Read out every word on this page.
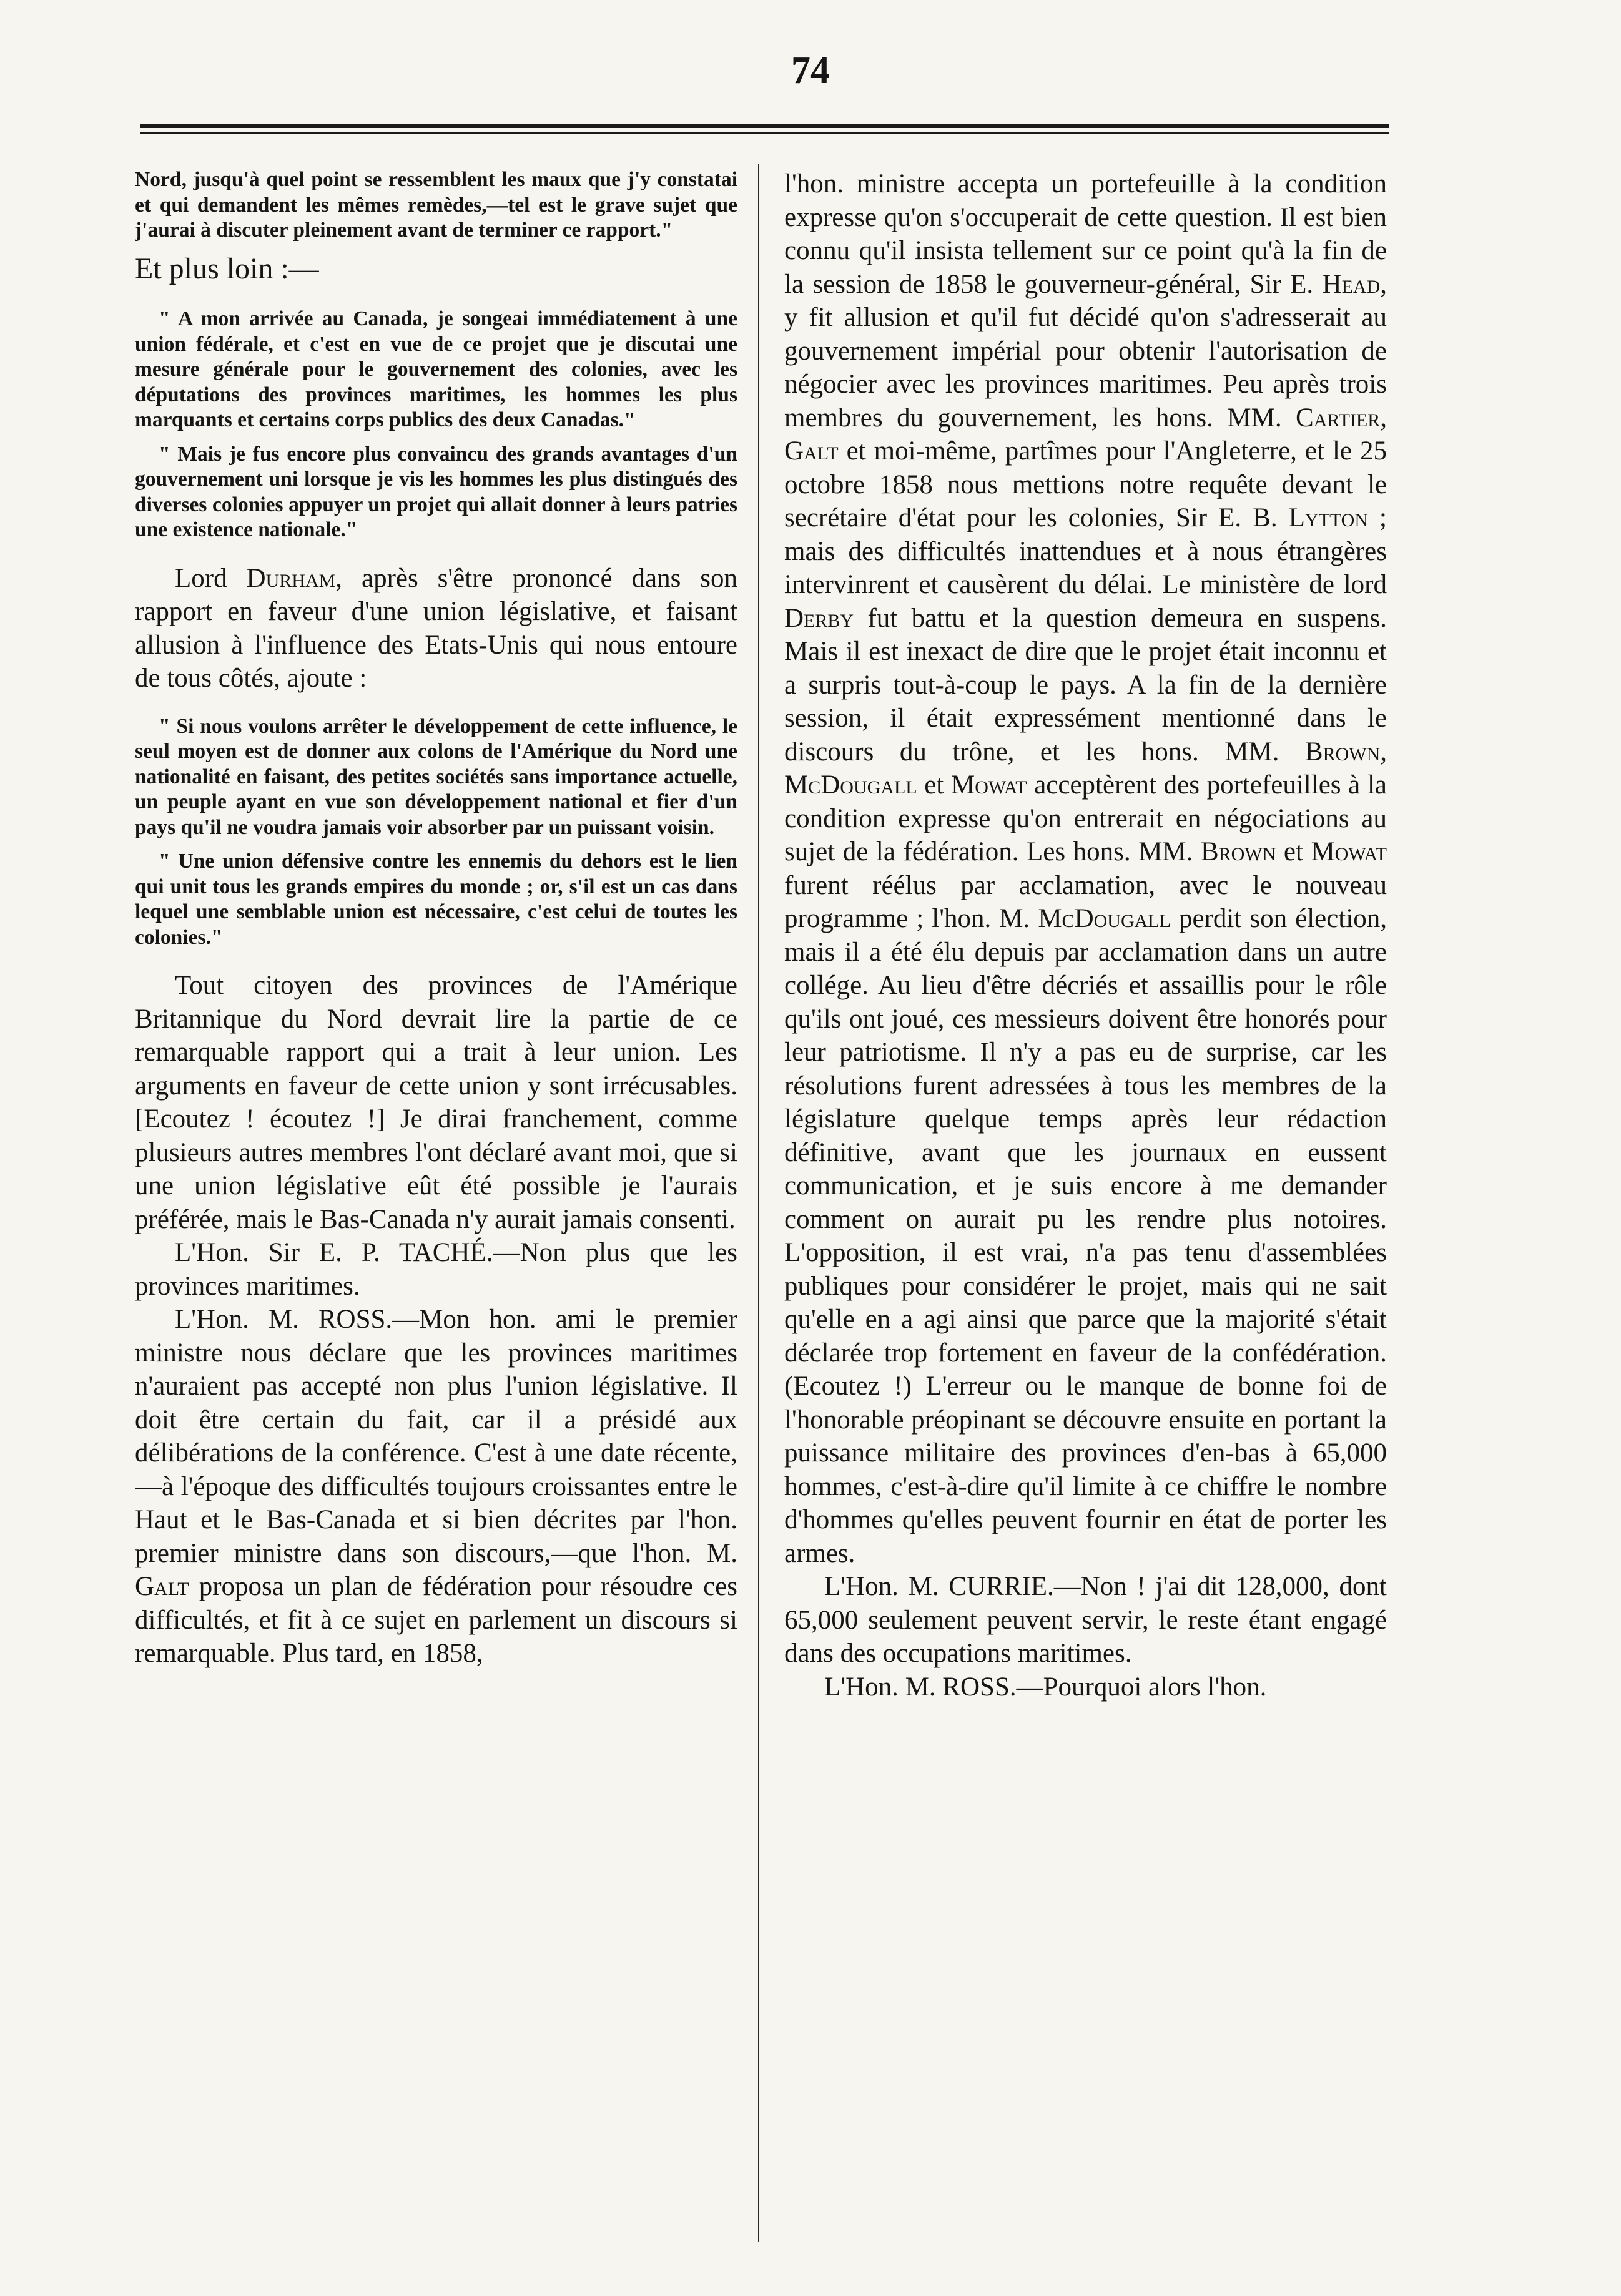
74

Nord, jusqu'à quel point se ressemblent les maux que j'y constatai et qui demandent les mêmes remèdes,—tel est le grave sujet que j'aurai à discuter pleinement avant de terminer ce rapport."

Et plus loin :—

" A mon arrivée au Canada, je songeai immédiatement à une union fédérale, et c'est en vue de ce projet que je discutai une mesure générale pour le gouvernement des colonies, avec les députations des provinces maritimes, les hommes les plus marquants et certains corps publics des deux Canadas."

" Mais je fus encore plus convaincu des grands avantages d'un gouvernement uni lorsque je vis les hommes les plus distingués des diverses colonies appuyer un projet qui allait donner à leurs patries une existence nationale."

Lord Durham, après s'être prononcé dans son rapport en faveur d'une union législative, et faisant allusion à l'influence des Etats-Unis qui nous entoure de tous côtés, ajoute :

" Si nous voulons arrêter le développement de cette influence, le seul moyen est de donner aux colons de l'Amérique du Nord une nationalité en faisant, des petites sociétés sans importance actuelle, un peuple ayant en vue son développement national et fier d'un pays qu'il ne voudra jamais voir absorber par un puissant voisin.

" Une union défensive contre les ennemis du dehors est le lien qui unit tous les grands empires du monde ; or, s'il est un cas dans lequel une semblable union est nécessaire, c'est celui de toutes les colonies."

Tout citoyen des provinces de l'Amérique Britannique du Nord devrait lire la partie de ce remarquable rapport qui a trait à leur union. Les arguments en faveur de cette union y sont irrécusables. [Ecoutez ! écoutez !] Je dirai franchement, comme plusieurs autres membres l'ont déclaré avant moi, que si une union législative eût été possible je l'aurais préférée, mais le Bas-Canada n'y aurait jamais consenti.

L'Hon. Sir E. P. TACHÉ.—Non plus que les provinces maritimes.

L'Hon. M. ROSS.—Mon hon. ami le premier ministre nous déclare que les provinces maritimes n'auraient pas accepté non plus l'union législative. Il doit être certain du fait, car il a présidé aux délibérations de la conférence. C'est à une date récente,—à l'époque des difficultés toujours croissantes entre le Haut et le Bas-Canada et si bien décrites par l'hon. premier ministre dans son discours,—que l'hon. M. Galt proposa un plan de fédération pour résoudre ces difficultés, et fit à ce sujet en parlement un discours si remarquable. Plus tard, en 1858,

l'hon. ministre accepta un portefeuille à la condition expresse qu'on s'occuperait de cette question. Il est bien connu qu'il insista tellement sur ce point qu'à la fin de la session de 1858 le gouverneur-général, Sir E. Head, y fit allusion et qu'il fut décidé qu'on s'adresserait au gouvernement impérial pour obtenir l'autorisation de négocier avec les provinces maritimes. Peu après trois membres du gouvernement, les hons. MM. Cartier, Galt et moi-même, partîmes pour l'Angleterre, et le 25 octobre 1858 nous mettions notre requête devant le secrétaire d'état pour les colonies, Sir E. B. Lytton ; mais des difficultés inattendues et à nous étrangères intervinrent et causèrent du délai. Le ministère de lord Derby fut battu et la question demeura en suspens. Mais il est inexact de dire que le projet était inconnu et a surpris tout-à-coup le pays. A la fin de la dernière session, il était expressément mentionné dans le discours du trône, et les hons. MM. Brown, McDougall et Mowat acceptèrent des portefeuilles à la condition expresse qu'on entrerait en négociations au sujet de la fédération. Les hons. MM. Brown et Mowat furent réélus par acclamation, avec le nouveau programme ; l'hon. M. McDougall perdit son élection, mais il a été élu depuis par acclamation dans un autre collége. Au lieu d'être décriés et assaillis pour le rôle qu'ils ont joué, ces messieurs doivent être honorés pour leur patriotisme. Il n'y a pas eu de surprise, car les résolutions furent adressées à tous les membres de la législature quelque temps après leur rédaction définitive, avant que les journaux en eussent communication, et je suis encore à me demander comment on aurait pu les rendre plus notoires. L'opposition, il est vrai, n'a pas tenu d'assemblées publiques pour considérer le projet, mais qui ne sait qu'elle en a agi ainsi que parce que la majorité s'était déclarée trop fortement en faveur de la confédération. (Ecoutez !) L'erreur ou le manque de bonne foi de l'honorable préopinant se découvre ensuite en portant la puissance militaire des provinces d'en-bas à 65,000 hommes, c'est-à-dire qu'il limite à ce chiffre le nombre d'hommes qu'elles peuvent fournir en état de porter les armes.

L'Hon. M. CURRIE.—Non ! j'ai dit 128,000, dont 65,000 seulement peuvent servir, le reste étant engagé dans des occupations maritimes.

L'Hon. M. ROSS.—Pourquoi alors l'hon.
